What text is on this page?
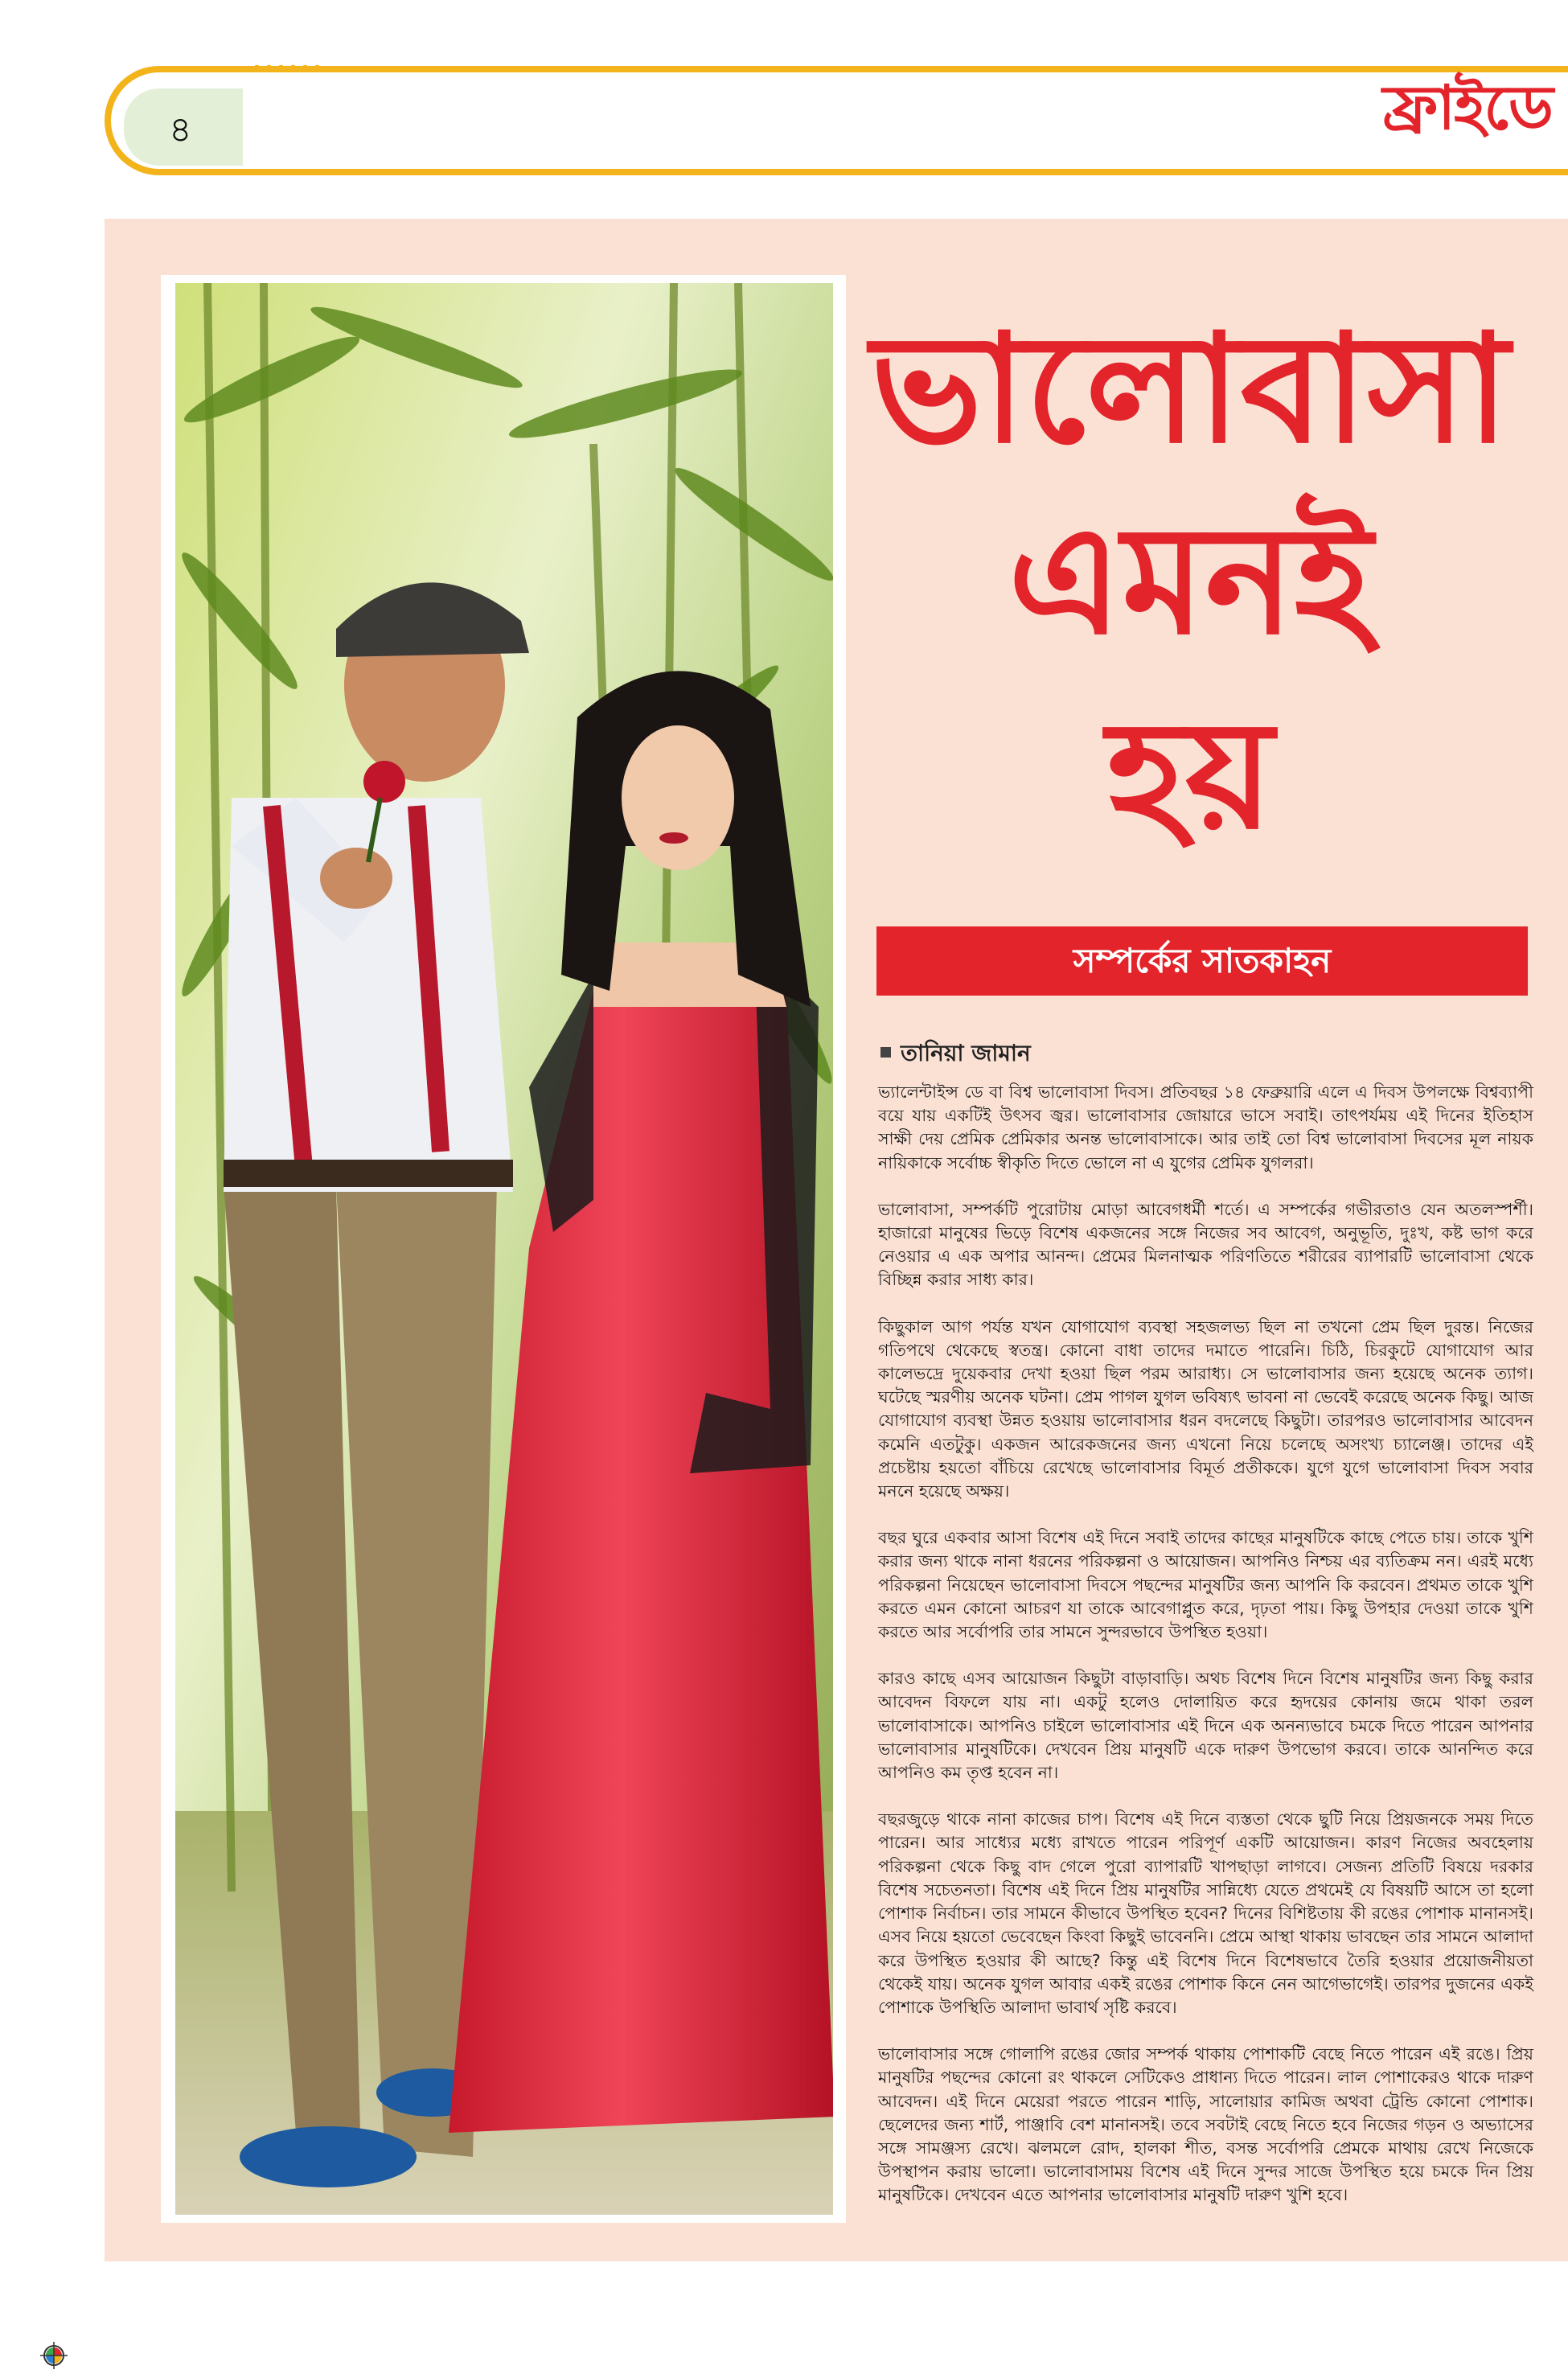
৪	ফ্রাইডে
ভালোবাসা
এমনই
হয়
সম্পর্কের সাতকাহন
তানিয়া জামান

ভ্যালেন্টাইন্স ডে বা বিশ্ব ভালোবাসা দিবস। প্রতিবছর ১৪ ফেব্রুয়ারি এলে এ দিবস উপলক্ষে বিশ্বব্যাপী বয়ে যায় একটিই উৎসব জ্বর। ভালোবাসার জোয়ারে ভাসে সবাই। তাৎপর্যময় এই দিনের ইতিহাস সাক্ষী দেয় প্রেমিক প্রেমিকার অনন্ত ভালোবাসাকে। আর তাই তো বিশ্ব ভালোবাসা দিবসের মূল নায়ক নায়িকাকে সর্বোচ্চ স্বীকৃতি দিতে ভোলে না এ যুগের প্রেমিক যুগলরা।

ভালোবাসা, সম্পর্কটি পুরোটায় মোড়া আবেগধর্মী শর্তে। এ সম্পর্কের গভীরতাও যেন অতলস্পর্শী। হাজারো মানুষের ভিড়ে বিশেষ একজনের সঙ্গে নিজের সব আবেগ, অনুভূতি, দুঃখ, কষ্ট ভাগ করে নেওয়ার এ এক অপার আনন্দ। প্রেমের মিলনাত্মক পরিণতিতে শরীরের ব্যাপারটি ভালোবাসা থেকে বিচ্ছিন্ন করার সাধ্য কার।

কিছুকাল আগ পর্যন্ত যখন যোগাযোগ ব্যবস্থা সহজলভ্য ছিল না তখনো প্রেম ছিল দুরন্ত। নিজের গতিপথে থেকেছে স্বতন্ত্র। কোনো বাধা তাদের দমাতে পারেনি। চিঠি, চিরকুটে যোগাযোগ আর কালেভদ্রে দুয়েকবার দেখা হওয়া ছিল পরম আরাধ্য। সে ভালোবাসার জন্য হয়েছে অনেক ত্যাগ। ঘটেছে স্মরণীয় অনেক ঘটনা। প্রেম পাগল যুগল ভবিষ্যৎ ভাবনা না ভেবেই করেছে অনেক কিছু। আজ যোগাযোগ ব্যবস্থা উন্নত হওয়ায় ভালোবাসার ধরন বদলেছে কিছুটা। তারপরও ভালোবাসার আবেদন কমেনি এতটুকু। একজন আরেকজনের জন্য এখনো নিয়ে চলেছে অসংখ্য চ্যালেঞ্জ। তাদের এই প্রচেষ্টায় হয়তো বাঁচিয়ে রেখেছে ভালোবাসার বিমূর্ত প্রতীককে। যুগে যুগে ভালোবাসা দিবস সবার মননে হয়েছে অক্ষয়।

বছর ঘুরে একবার আসা বিশেষ এই দিনে সবাই তাদের কাছের মানুষটিকে কাছে পেতে চায়। তাকে খুশি করার জন্য থাকে নানা ধরনের পরিকল্পনা ও আয়োজন। আপনিও নিশ্চয় এর ব্যতিক্রম নন। এরই মধ্যে পরিকল্পনা নিয়েছেন ভালোবাসা দিবসে পছন্দের মানুষটির জন্য আপনি কি করবেন। প্রথমত তাকে খুশি করতে এমন কোনো আচরণ যা তাকে আবেগাপ্লুত করে, দৃঢ়তা পায়। কিছু উপহার দেওয়া তাকে খুশি করতে আর সর্বোপরি তার সামনে সুন্দরভাবে উপস্থিত হওয়া।

কারও কাছে এসব আয়োজন কিছুটা বাড়াবাড়ি। অথচ বিশেষ দিনে বিশেষ মানুষটির জন্য কিছু করার আবেদন বিফলে যায় না। একটু হলেও দোলায়িত করে হৃদয়ের কোনায় জমে থাকা তরল ভালোবাসাকে। আপনিও চাইলে ভালোবাসার এই দিনে এক অনন্যভাবে চমকে দিতে পারেন আপনার ভালোবাসার মানুষটিকে। দেখবেন প্রিয় মানুষটি একে দারুণ উপভোগ করবে। তাকে আনন্দিত করে আপনিও কম তৃপ্ত হবেন না।

বছরজুড়ে থাকে নানা কাজের চাপ। বিশেষ এই দিনে ব্যস্ততা থেকে ছুটি নিয়ে প্রিয়জনকে সময় দিতে পারেন। আর সাধ্যের মধ্যে রাখতে পারেন পরিপূর্ণ একটি আয়োজন। কারণ নিজের অবহেলায় পরিকল্পনা থেকে কিছু বাদ গেলে পুরো ব্যাপারটি খাপছাড়া লাগবে। সেজন্য প্রতিটি বিষয়ে দরকার বিশেষ সচেতনতা। বিশেষ এই দিনে প্রিয় মানুষটির সান্নিধ্যে যেতে প্রথমেই যে বিষয়টি আসে তা হলো পোশাক নির্বাচন। তার সামনে কীভাবে উপস্থিত হবেন? দিনের বিশিষ্টতায় কী রঙের পোশাক মানানসই। এসব নিয়ে হয়তো ভেবেছেন কিংবা কিছুই ভাবেননি। প্রেমে আস্থা থাকায় ভাবছেন তার সামনে আলাদা করে উপস্থিত হওয়ার কী আছে? কিন্তু এই বিশেষ দিনে বিশেষভাবে তৈরি হওয়ার প্রয়োজনীয়তা থেকেই যায়। অনেক যুগল আবার একই রঙের পোশাক কিনে নেন আগেভাগেই। তারপর দুজনের একই পোশাকে উপস্থিতি আলাদা ভাবার্থ সৃষ্টি করবে।

ভালোবাসার সঙ্গে গোলাপি রঙের জোর সম্পর্ক থাকায় পোশাকটি বেছে নিতে পারেন এই রঙে। প্রিয় মানুষটির পছন্দের কোনো রং থাকলে সেটিকেও প্রাধান্য দিতে পারেন। লাল পোশাকেরও থাকে দারুণ আবেদন। এই দিনে মেয়েরা পরতে পারেন শাড়ি, সালোয়ার কামিজ অথবা ট্রেন্ডি কোনো পোশাক। ছেলেদের জন্য শার্ট, পাঞ্জাবি বেশ মানানসই। তবে সবটাই বেছে নিতে হবে নিজের গড়ন ও অভ্যাসের সঙ্গে সামঞ্জস্য রেখে। ঝলমলে রোদ, হালকা শীত, বসন্ত সর্বোপরি প্রেমকে মাথায় রেখে নিজেকে উপস্থাপন করায় ভালো। ভালোবাসাময় বিশেষ এই দিনে সুন্দর সাজে উপস্থিত হয়ে চমকে দিন প্রিয় মানুষটিকে। দেখবেন এতে আপনার ভালোবাসার মানুষটি দারুণ খুশি হবে।
